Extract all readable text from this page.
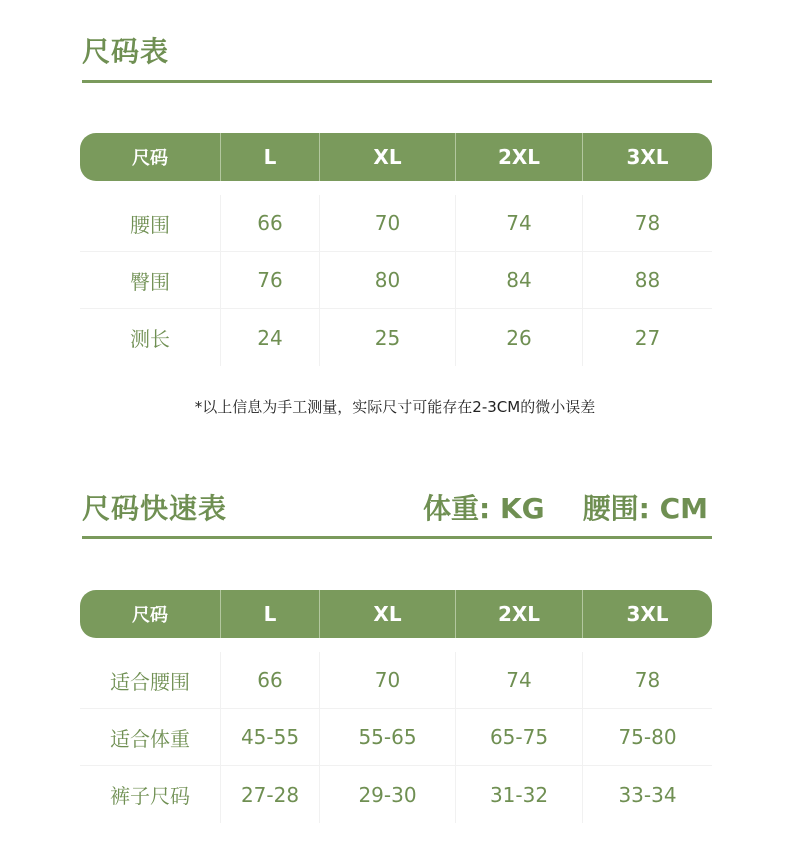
尺码表
尺码	L	XL	2XL	3XL
腰围	66	70	74	78
臀围	76	80	84	88
测长	24	25	26	27
*以上信息为手工测量，实际尺寸可能存在2-3CM的微小误差
尺码快速表	体重: KG 腰围: CM
尺码	L	XL	2XL	3XL
适合腰围	66	70	74	78
适合体重	45-55	55-65	65-75	75-80
裤子尺码	27-28	29-30	31-32	33-34
